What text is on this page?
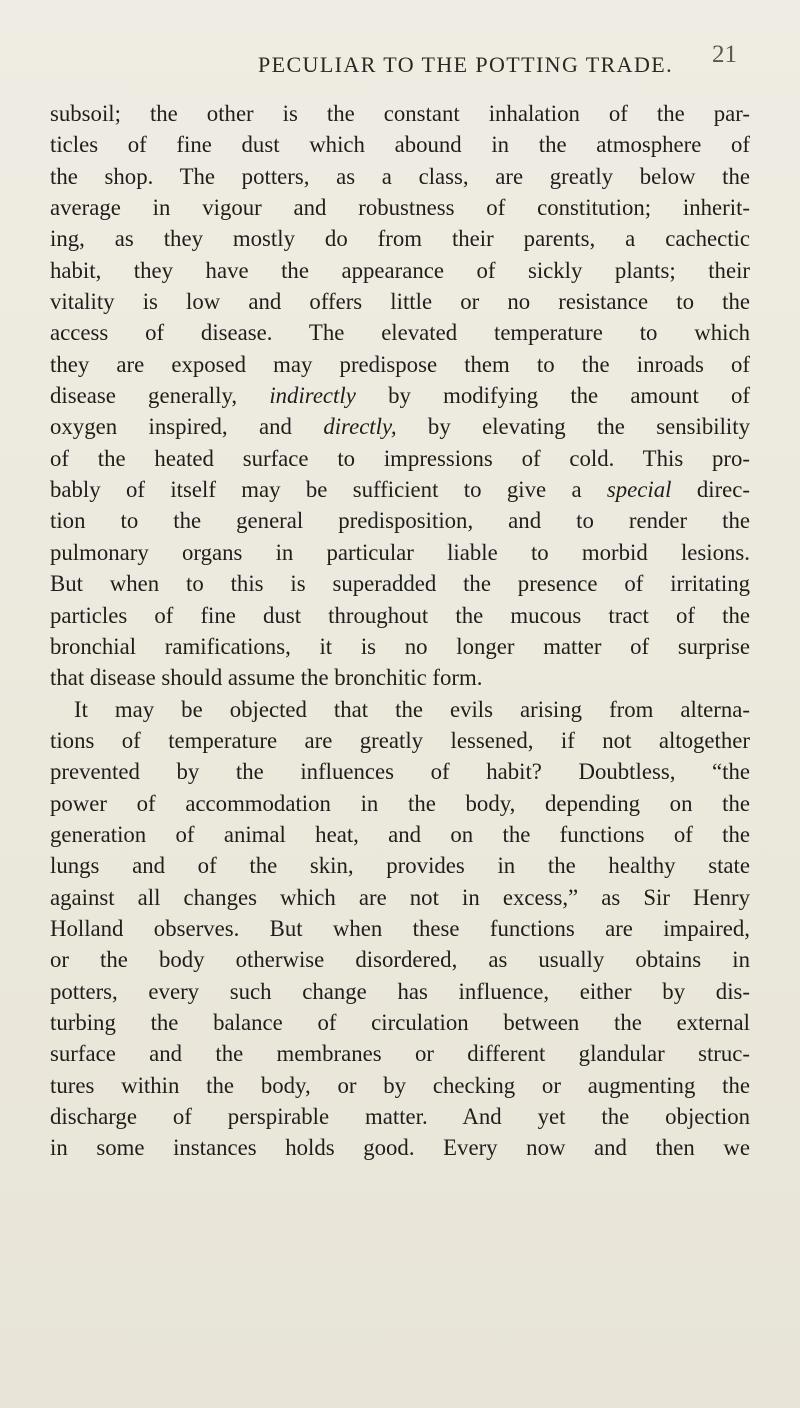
PECULIAR TO THE POTTING TRADE.	21
subsoil; the other is the constant inhalation of the par-
ticles of fine dust which abound in the atmosphere of
the shop. The potters, as a class, are greatly below the
average in vigour and robustness of constitution; inherit-
ing, as they mostly do from their parents, a cachectic
habit, they have the appearance of sickly plants; their
vitality is low and offers little or no resistance to the
access of disease. The elevated temperature to which
they are exposed may predispose them to the inroads of
disease generally, indirectly by modifying the amount of
oxygen inspired, and directly, by elevating the sensibility
of the heated surface to impressions of cold. This pro-
bably of itself may be sufficient to give a special direc-
tion to the general predisposition, and to render the
pulmonary organs in particular liable to morbid lesions.
But when to this is superadded the presence of irritating
particles of fine dust throughout the mucous tract of the
bronchial ramifications, it is no longer matter of surprise
that disease should assume the bronchitic form.
It may be objected that the evils arising from alterna-
tions of temperature are greatly lessened, if not altogether
prevented by the influences of habit? Doubtless, “the
power of accommodation in the body, depending on the
generation of animal heat, and on the functions of the
lungs and of the skin, provides in the healthy state
against all changes which are not in excess,” as Sir Henry
Holland observes. But when these functions are impaired,
or the body otherwise disordered, as usually obtains in
potters, every such change has influence, either by dis-
turbing the balance of circulation between the external
surface and the membranes or different glandular struc-
tures within the body, or by checking or augmenting the
discharge of perspirable matter. And yet the objection
in some instances holds good. Every now and then we
